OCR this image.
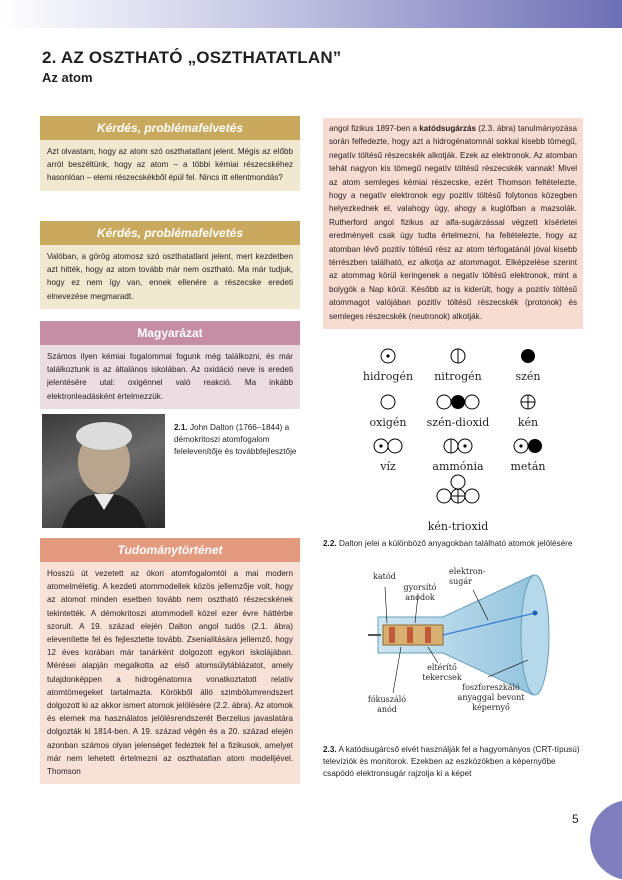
2. AZ OSZTHATÓ „OSZTHATATLAN”
Az atom
Kérdés, problémafelvetés
Azt olvastam, hogy az atom szó oszthatatlant jelent. Mégis az előbb arról beszéltünk, hogy az atom – a többi kémiai részecskéhez hasonlóan – elemi részecskékből épül fel. Nincs itt ellentmondás?
Kérdés, problémafelvetés
Valóban, a görög atomosz szó oszthatatlant jelent, mert kezdetben azt hitték, hogy az atom tovább már nem osztható. Ma már tudjuk, hogy ez nem így van, ennek ellenére a részecske eredeti elnevezése megmaradt.
Magyarázat
Számos ilyen kémiai fogalommal fogunk még találkozni, és már találkoztunk is az általános iskolában. Az oxidáció neve is eredeti jelentésére utal: oxigénnel való reakció. Ma inkább elektronleadásként értelmezzük.
2.1. John Dalton (1766–1844) a démokritoszi atomfogalom felelevenítője és továbbfejlesztője
Tudománytörténet
Hosszú út vezetett az ókori atomfogalomtól a mai modern atomelméletig. A kezdeti atommodellek közös jellemzője volt, hogy az atomot minden esetben tovább nem osztható részecskének tekintették. A démokritoszi atommodell közel ezer évre háttérbe szorult. A 19. század elején Dalton angol tudós (2.1. ábra) elevenítette fel és fejlesztette tovább. Zsenialitására jellemző, hogy 12 éves korában már tanárként dolgozott egykori iskolájában. Mérései alapján megalkotta az első atomsúlytáblázatot, amely tulajdonképpen a hidrogénatomra vonatkoztatott relatív atomtömegeket tartalmazta. Körökből álló szimbólumrendszert dolgozott ki az akkor ismert atomok jelölésére (2.2. ábra). Az atomok és elemek ma használatos jelölésrendszerét Berzelius javaslatára dolgozták ki 1814-ben. A 19. század végén és a 20. század elején azonban számos olyan jelenséget fedeztek fel a fizikusok, amelyet már nem lehetett értelmezni az oszthatatlan atom modelljével. Thomson
angol fizikus 1897-ben a katódsugárzás (2.3. ábra) tanulmányozása során felfedezte, hogy azt a hidrogénatomnál sokkal kisebb tömegű, negatív töltésű részecskék alkotják. Ezek az elektronok. Az atomban tehát nagyon kis tömegű negatív töltésű részecskék vannak! Mivel az atom semleges kémiai részecske, ezért Thomson feltételezte, hogy a negatív elektronok egy pozitív töltésű folytonos közegben helyezkednek el, valahogy úgy, ahogy a kuglófban a mazsolák. Rutherford angol fizikus az alfa-sugárzással végzett kísérletei eredményeit csak úgy tudta értelmezni, ha feltételezte, hogy az atomban lévő pozitív töltésű rész az atom térfogatánál jóval kisebb térrészben található, ez alkotja az atommagot. Elképzelése szerint az atommag körül keringenek a negatív töltésű elektronok, mint a bolygók a Nap körül. Később az is kiderült, hogy a pozitív töltésű atommagot valójában pozitív töltésű részecskék (protonok) és semleges részecskék (neutronok) alkotják.
hidrogén	nitrogén	szén
oxigén	szén-dioxid	kén
víz	ammónia	metán
kén-trioxid
2.2. Dalton jelei a különböző anyagokban található atomok jelölésére
katód
gyorsító anódok
elektron-sugár
eltérítő tekercsek
fókuszáló anód
foszforeszkáló anyaggal bevont képernyő
2.3. A katódsugárcső elvét használják fel a hagyományos (CRT-típusú) televíziók és monitorok. Ezekben az eszközökben a képernyőbe csapódó elektronsugár rajzolja ki a képet
5
